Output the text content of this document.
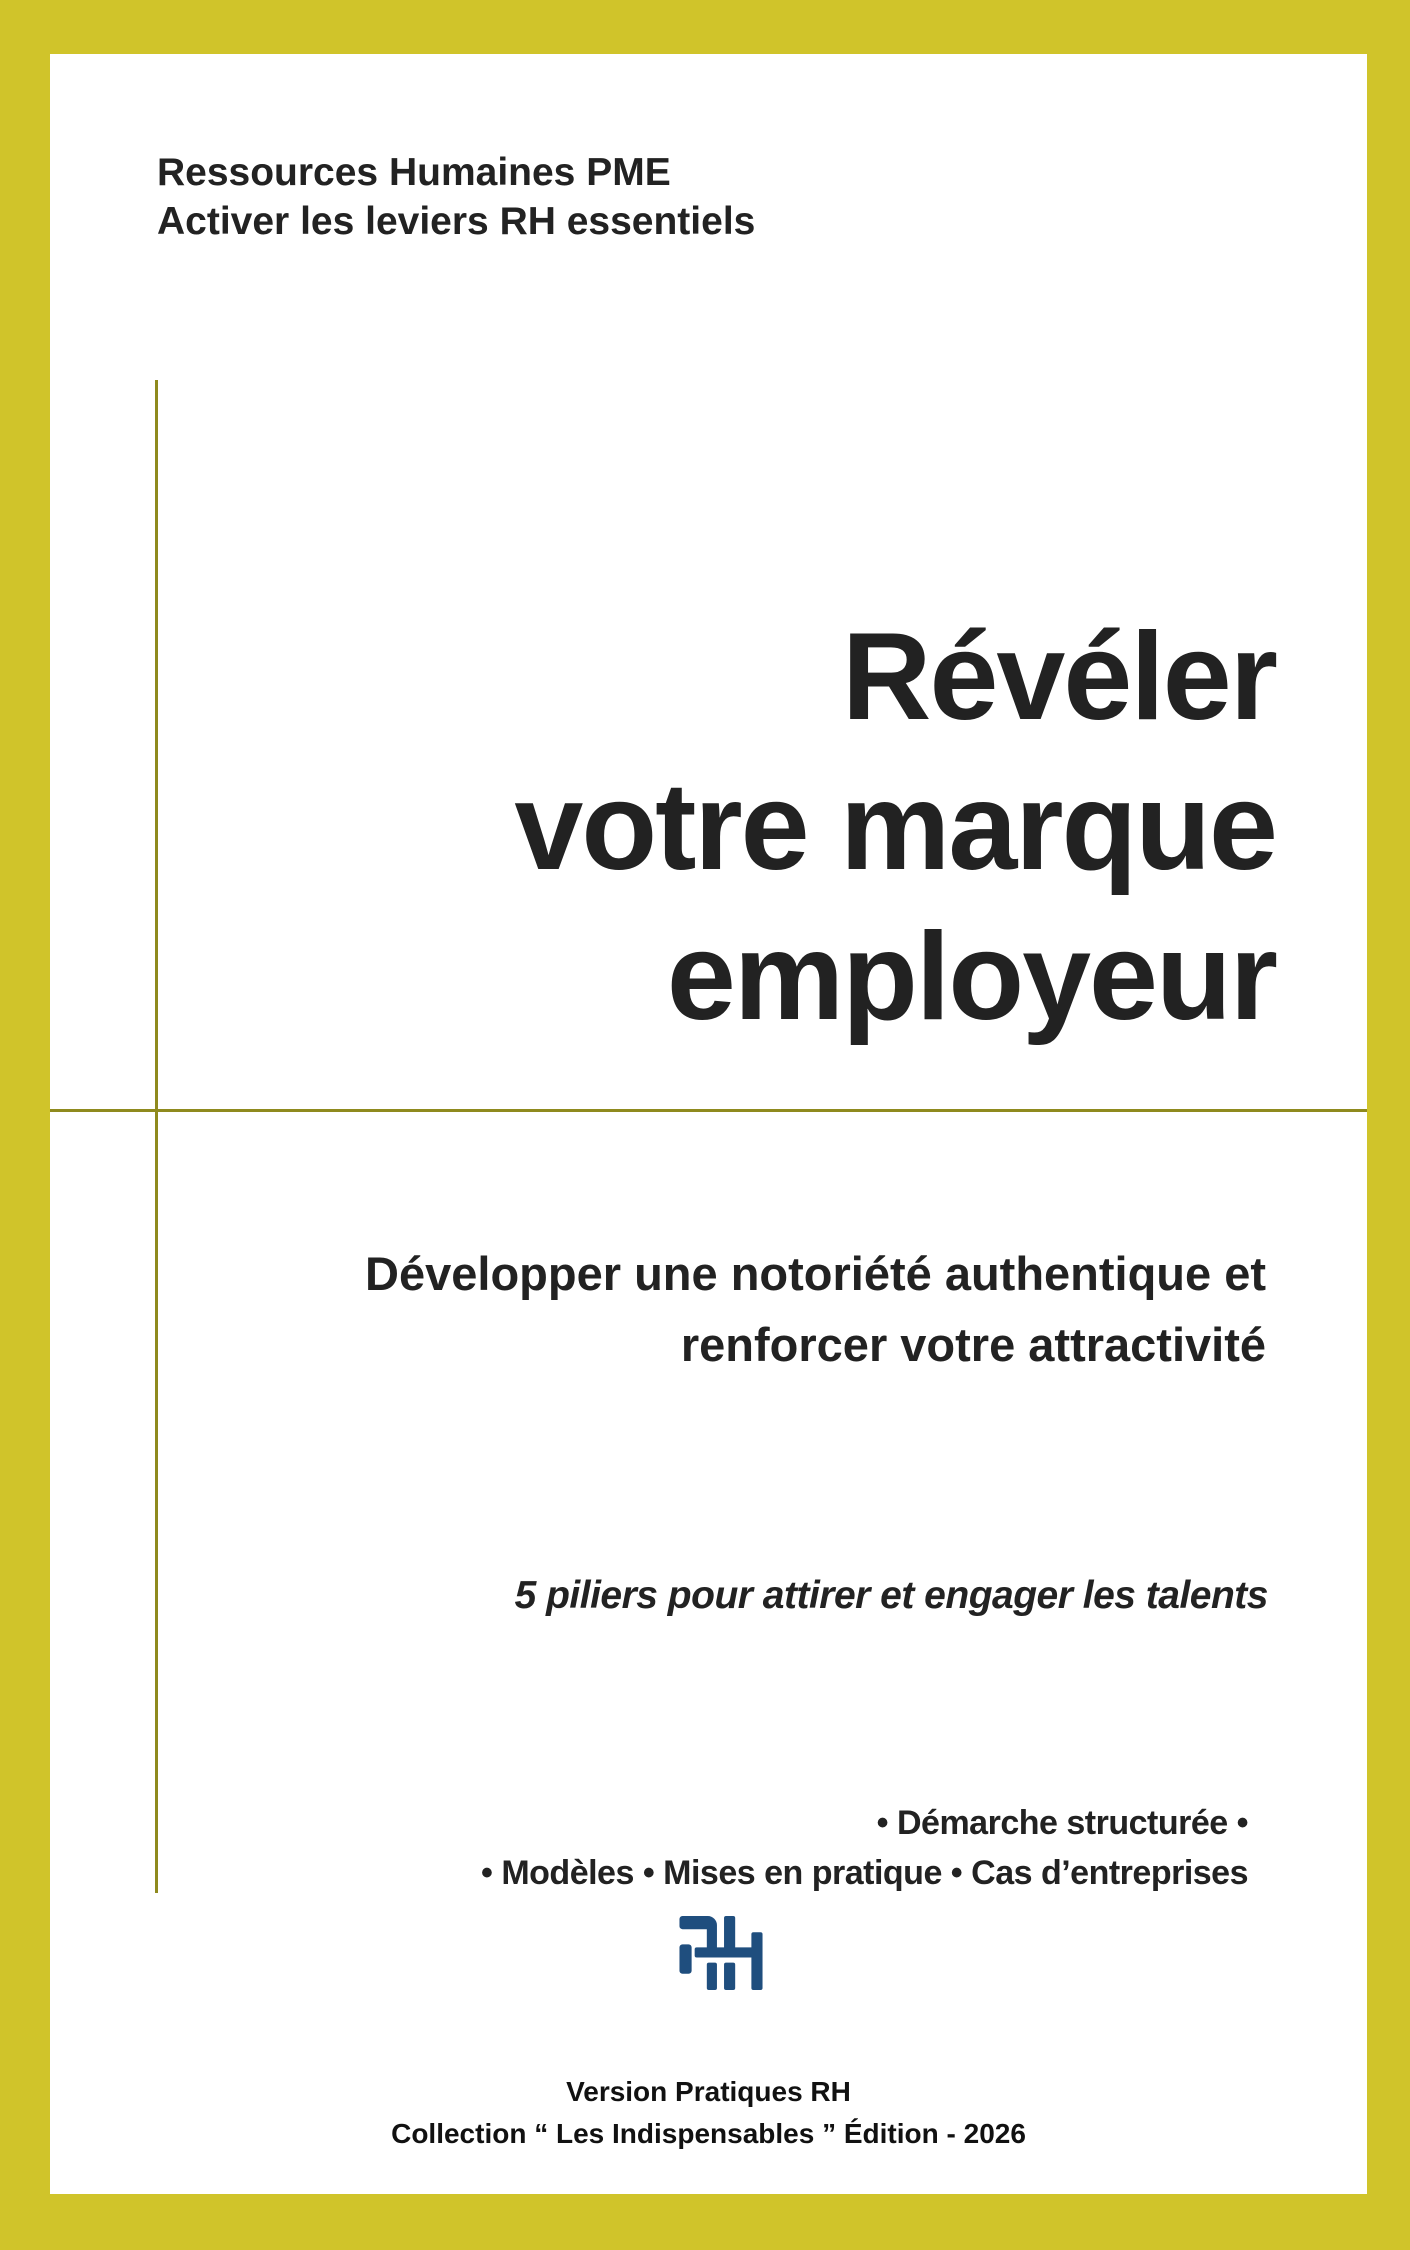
Ressources Humaines PME
Activer les leviers RH essentiels
Révéler
votre marque
employeur
Développer une notoriété authentique et
renforcer votre attractivité
5 piliers pour attirer et engager les talents
• Démarche structurée •
• Modèles • Mises en pratique • Cas d’entreprises
Version Pratiques RH
Collection “ Les Indispensables ” Édition - 2026
